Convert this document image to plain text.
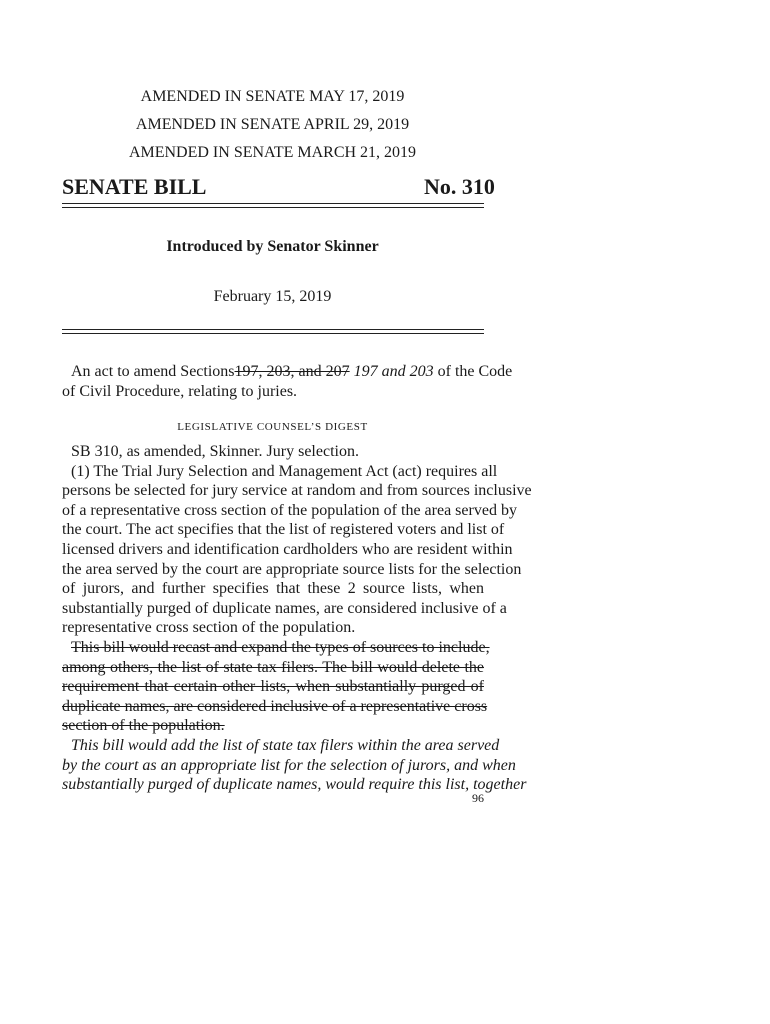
AMENDED IN SENATE MAY 17, 2019
AMENDED IN SENATE APRIL 29, 2019
AMENDED IN SENATE MARCH 21, 2019
SENATE BILL	No. 310
Introduced by Senator Skinner
February 15, 2019
An act to amend Sections197, 203, and 207 197 and 203 of the Code
of Civil Procedure, relating to juries.
LEGISLATIVE COUNSEL’S DIGEST
SB 310, as amended, Skinner. Jury selection.
(1) The Trial Jury Selection and Management Act (act) requires all
persons be selected for jury service at random and from sources inclusive
of a representative cross section of the population of the area served by
the court. The act specifies that the list of registered voters and list of
licensed drivers and identification cardholders who are resident within
the area served by the court are appropriate source lists for the selection
of jurors, and further specifies that these 2 source lists, when
substantially purged of duplicate names, are considered inclusive of a
representative cross section of the population.
This bill would recast and expand the types of sources to include,
among others, the list of state tax filers. The bill would delete the
requirement that certain other lists, when substantially purged of
duplicate names, are considered inclusive of a representative cross
section of the population.
This bill would add the list of state tax filers within the area served
by the court as an appropriate list for the selection of jurors, and when
substantially purged of duplicate names, would require this list, together
96
